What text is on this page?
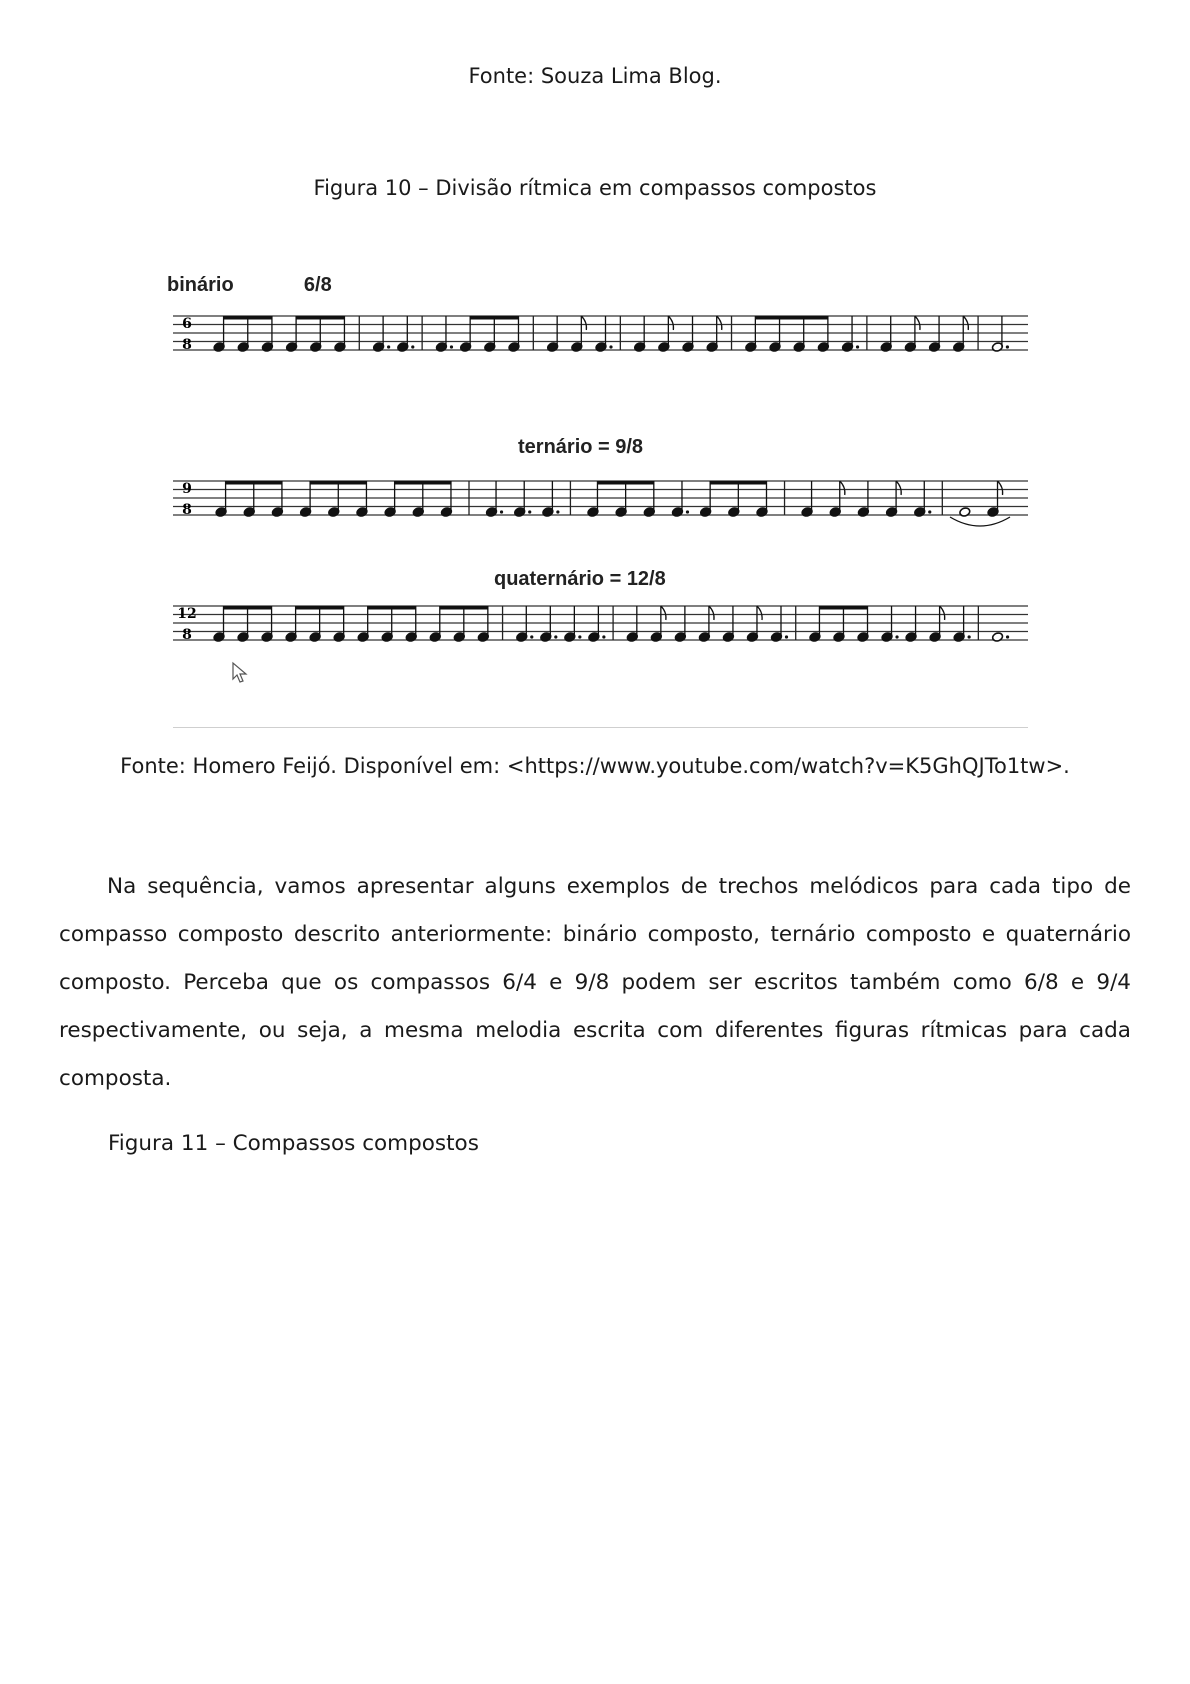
Fonte: Souza Lima Blog.
Figura 10 – Divisão rítmica em compassos compostos
binário    6/8
ternário = 9/8
quaternário = 12/8
6
8
9
8
12
8
Fonte: Homero Feijó. Disponível em: <https://www.youtube.com/watch?v=K5GhQJTo1tw>.
Na sequência, vamos apresentar alguns exemplos de trechos melódicos para cada tipo de
compasso composto descrito anteriormente: binário composto, ternário composto e quaternário
composto. Perceba que os compassos 6/4 e 9/8 podem ser escritos também como 6/8 e 9/4
respectivamente, ou seja, a mesma melodia escrita com diferentes figuras rítmicas para cada
composta.
Figura 11 – Compassos compostos
